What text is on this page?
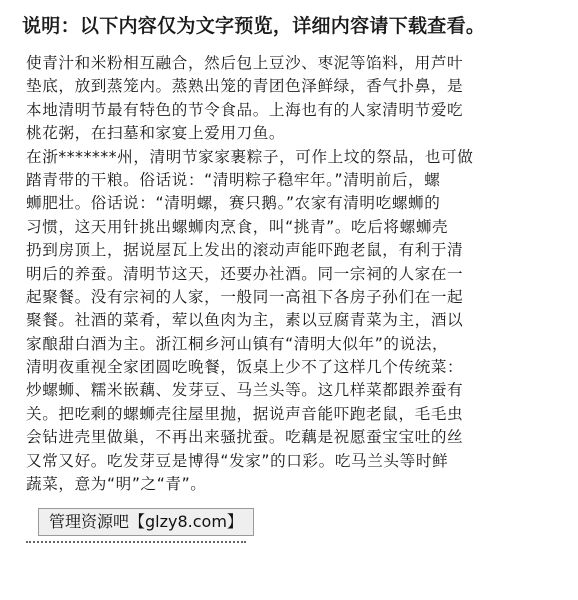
说明：以下内容仅为文字预览，详细内容请下载查看。
使青汁和米粉相互融合，然后包上豆沙、枣泥等馅料，用芦叶
垫底，放到蒸笼内。蒸熟出笼的青团色泽鲜绿，香气扑鼻，是
本地清明节最有特色的节令食品。上海也有的人家清明节爱吃
桃花粥，在扫墓和家宴上爱用刀鱼。
在浙*******州，清明节家家裹粽子，可作上坟的祭品，也可做
踏青带的干粮。俗话说：“清明粽子稳牢年。”清明前后，螺
蛳肥壮。俗话说：“清明螺，赛只鹅。”农家有清明吃螺蛳的
习惯，这天用针挑出螺蛳肉烹食，叫“挑青”。吃后将螺蛳壳
扔到房顶上，据说屋瓦上发出的滚动声能吓跑老鼠，有利于清
明后的养蚕。清明节这天，还要办社酒。同一宗祠的人家在一
起聚餐。没有宗祠的人家，一般同一高祖下各房子孙们在一起
聚餐。社酒的菜肴，荤以鱼肉为主，素以豆腐青菜为主，酒以
家酿甜白酒为主。浙江桐乡河山镇有“清明大似年”的说法，
清明夜重视全家团圆吃晚餐，饭桌上少不了这样几个传统菜：
炒螺蛳、糯米嵌藕、发芽豆、马兰头等。这几样菜都跟养蚕有
关。把吃剩的螺蛳壳往屋里抛，据说声音能吓跑老鼠，毛毛虫
会钻进壳里做巢，不再出来骚扰蚕。吃藕是祝愿蚕宝宝吐的丝
又常又好。吃发芽豆是博得“发家”的口彩。吃马兰头等时鲜
蔬菜，意为“明”之“青”。
管理资源吧【glzy8.com】
